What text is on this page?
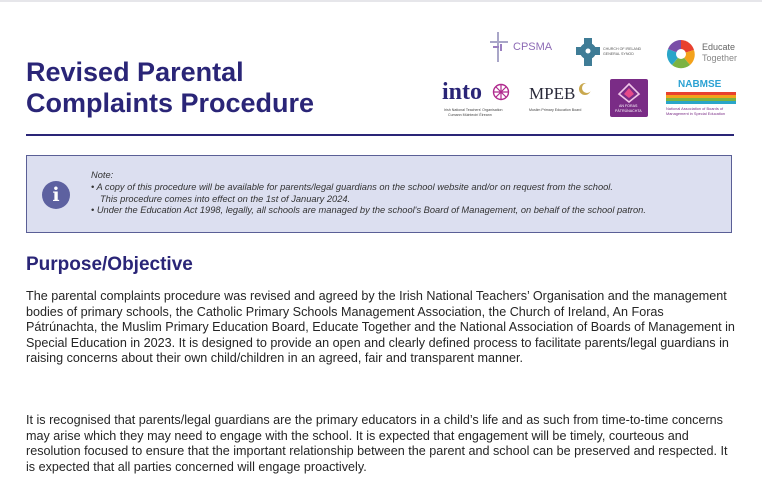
Revised Parental
Complaints Procedure
CPSMA	CHURCH OF IRELAND
GENERAL SYNOD
Educate
Together
into
Irish National Teachers' Organisation
Cumann Múinteoirí Éireann
MPEB
Muslim Primary Education Board
AN FORAS
PÁTRÚNACHTA
NABMSE
National Association of Boards of
Management in Special Education
i
Note:
• A copy of this procedure will be available for parents/legal guardians on the school website and/or on request from the school.
This procedure comes into effect on the 1st of January 2024.
• Under the Education Act 1998, legally, all schools are managed by the school's Board of Management, on behalf of the school patron.
Purpose/Objective

The parental complaints procedure was revised and agreed by the Irish National Teachers’ Organisation and the management bodies of primary schools, the Catholic Primary Schools Management Association, the Church of Ireland, An Foras Pátrúnachta, the Muslim Primary Education Board, Educate Together and the National Association of Boards of Management in Special Education in 2023. It is designed to provide an open and clearly defined process to facilitate parents/legal guardians in raising concerns about their own child/children in an agreed, fair and transparent manner.

It is recognised that parents/legal guardians are the primary educators in a child’s life and as such from time-to-time concerns may arise which they may need to engage with the school. It is expected that engagement will be timely, courteous and resolution focused to ensure that the important relationship between the parent and school can be preserved and respected. It is expected that all parties concerned will engage proactively.
